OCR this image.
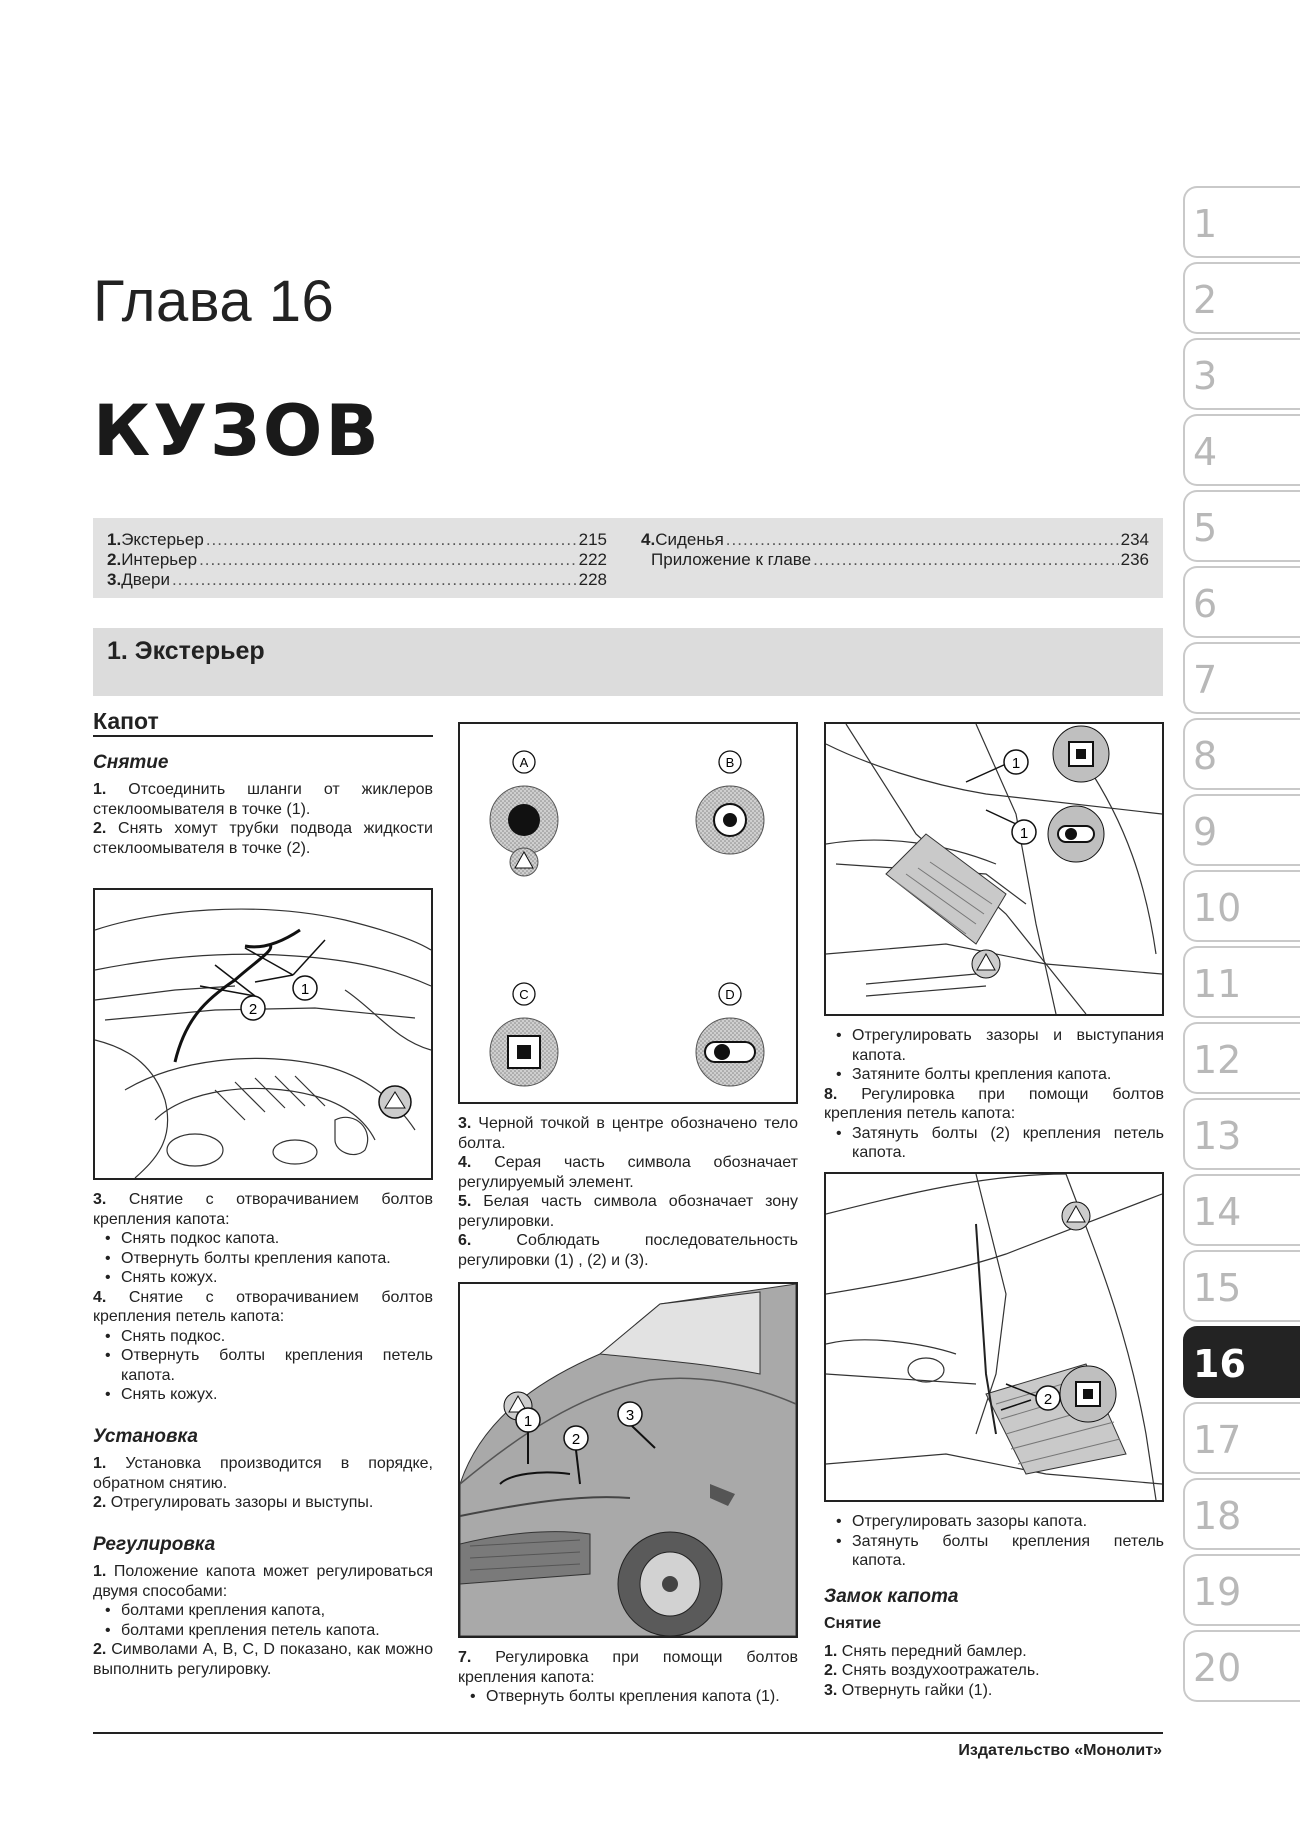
Глава 16
КУЗОВ
1. Экстерьер .....	215
2. Интерьер .....	222
3. Двери .....	228
4. Сиденья .....	234
Приложение к главе .....	236
1. Экстерьер
1
2
3
4
5
6
7
8
9
10
11
12
13
14
15
16
17
18
19
20
Капот
Снятие
1. Отсоединить шланги от жиклеров стеклоомывателя в точке (1).
2. Снять хомут трубки подвода жидкости стеклоомывателя в точке (2).
1
2
3. Снятие с отворачиванием болтов крепления капота:
• Снять подкос капота.
• Отвернуть болты крепления капота.
• Снять кожух.
4. Снятие с отворачиванием болтов крепления петель капота:
• Снять подкос.
• Отвернуть болты крепления петель капота.
• Снять кожух.
Установка
1. Установка производится в порядке, обратном снятию.
2. Отрегулировать зазоры и выступы.
Регулировка
1. Положение капота может регулироваться двумя способами:
• болтами крепления капота,
• болтами крепления петель капота.
2. Символами A, B, C, D показано, как можно выполнить регулировку.
A	B
C	D
3. Черной точкой в центре обозначено тело болта.
4. Серая часть символа обозначает регулируемый элемент.
5. Белая часть символа обозначает зону регулировки.
6.	Соблюдать последовательность регулировки (1) , (2) и (3).
1
2
3
7. Регулировка при помощи болтов крепления капота:
• Отвернуть болты крепления капота (1).
1
1
• Отрегулировать зазоры и выступания капота.
• Затяните болты крепления капота.
8. Регулировка при помощи болтов крепления петель капота:
• Затянуть болты (2) крепления петель капота.
2
• Отрегулировать зазоры капота.
• Затянуть болты крепления петель капота.
Замок капота
Снятие
1. Снять передний бамлер.
2. Снять воздухоотражатель.
3. Отвернуть гайки (1).
Издательство «Монолит»
